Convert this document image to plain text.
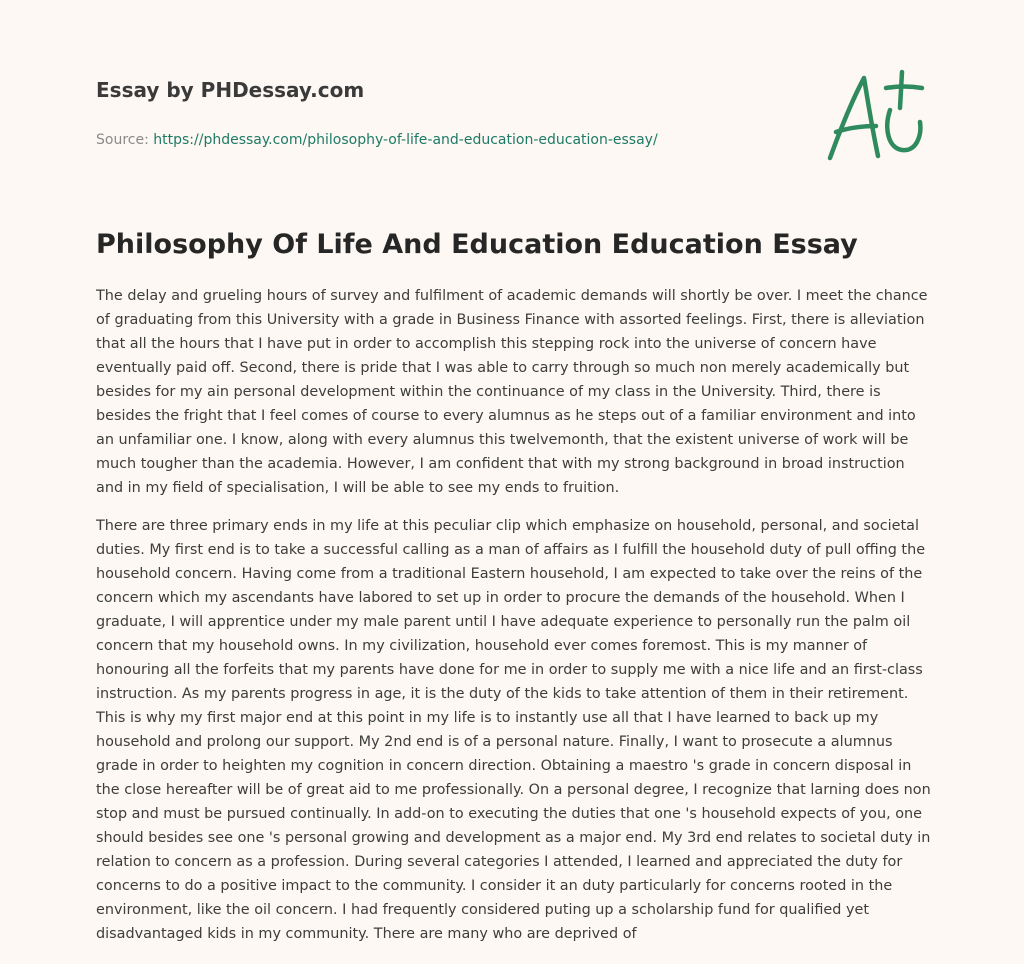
Essay by PHDessay.com
Source: https://phdessay.com/philosophy-of-life-and-education-education-essay/
Philosophy Of Life And Education Education Essay

The delay and grueling hours of survey and fulfilment of academic demands will shortly be over. I meet the chance of graduating from this University with a grade in Business Finance with assorted feelings. First, there is alleviation that all the hours that I have put in order to accomplish this stepping rock into the universe of concern have eventually paid off. Second, there is pride that I was able to carry through so much non merely academically but besides for my ain personal development within the continuance of my class in the University. Third, there is besides the fright that I feel comes of course to every alumnus as he steps out of a familiar environment and into an unfamiliar one. I know, along with every alumnus this twelvemonth, that the existent universe of work will be much tougher than the academia. However, I am confident that with my strong background in broad instruction and in my field of specialisation, I will be able to see my ends to fruition.

There are three primary ends in my life at this peculiar clip which emphasize on household, personal, and societal duties. My first end is to take a successful calling as a man of affairs as I fulfill the household duty of pull offing the household concern. Having come from a traditional Eastern household, I am expected to take over the reins of the concern which my ascendants have labored to set up in order to procure the demands of the household. When I graduate, I will apprentice under my male parent until I have adequate experience to personally run the palm oil concern that my household owns. In my civilization, household ever comes foremost. This is my manner of honouring all the forfeits that my parents have done for me in order to supply me with a nice life and an first-class instruction. As my parents progress in age, it is the duty of the kids to take attention of them in their retirement. This is why my first major end at this point in my life is to instantly use all that I have learned to back up my household and prolong our support. My 2nd end is of a personal nature. Finally, I want to prosecute a alumnus grade in order to heighten my cognition in concern direction. Obtaining a maestro 's grade in concern disposal in the close hereafter will be of great aid to me professionally. On a personal degree, I recognize that larning does non stop and must be pursued continually. In add-on to executing the duties that one 's household expects of you, one should besides see one 's personal growing and development as a major end. My 3rd end relates to societal duty in relation to concern as a profession. During several categories I attended, I learned and appreciated the duty for concerns to do a positive impact to the community. I consider it an duty particularly for concerns rooted in the environment, like the oil concern. I had frequently considered puting up a scholarship fund for qualified yet disadvantaged kids in my community. There are many who are deprived of
